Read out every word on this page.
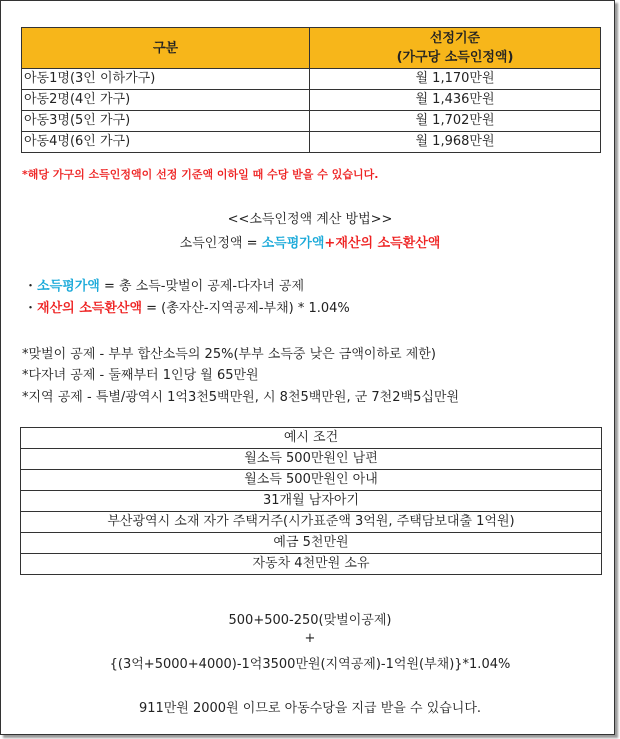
구분	선정기준
(가구당 소득인정액)

아동1명(3인 이하가구)	월 1,170만원
아동2명(4인 가구)	월 1,436만원
아동3명(5인 가구)	월 1,702만원
아동4명(6인 가구)	월 1,968만원
*해당 가구의 소득인정액이 선정 기준액 이하일 때 수당 받을 수 있습니다.
<<소득인정액 계산 방법>>
소득인정액 = 소득평가액+재산의 소득환산액
・소득평가액 = 총 소득-맞벌이 공제-다자녀 공제
・재산의 소득환산액 = (총자산-지역공제-부채) * 1.04%
*맞벌이 공제 - 부부 합산소득의 25%(부부 소득중 낮은 금액이하로 제한)
*다자녀 공제 - 둘째부터 1인당 월 65만원
*지역 공제 - 특별/광역시 1억3천5백만원, 시 8천5백만원, 군 7천2백5십만원
예시 조건
월소득 500만원인 남편
월소득 500만원인 아내
31개월 남자아기
부산광역시 소재 자가 주택거주(시가표준액 3억원, 주택담보대출 1억원)
예금 5천만원
자동차 4천만원 소유
500+500-250(맞벌이공제)
+
{(3억+5000+4000)-1억3500만원(지역공제)-1억원(부채)}*1.04%
911만원 2000원 이므로 아동수당을 지급 받을 수 있습니다.
